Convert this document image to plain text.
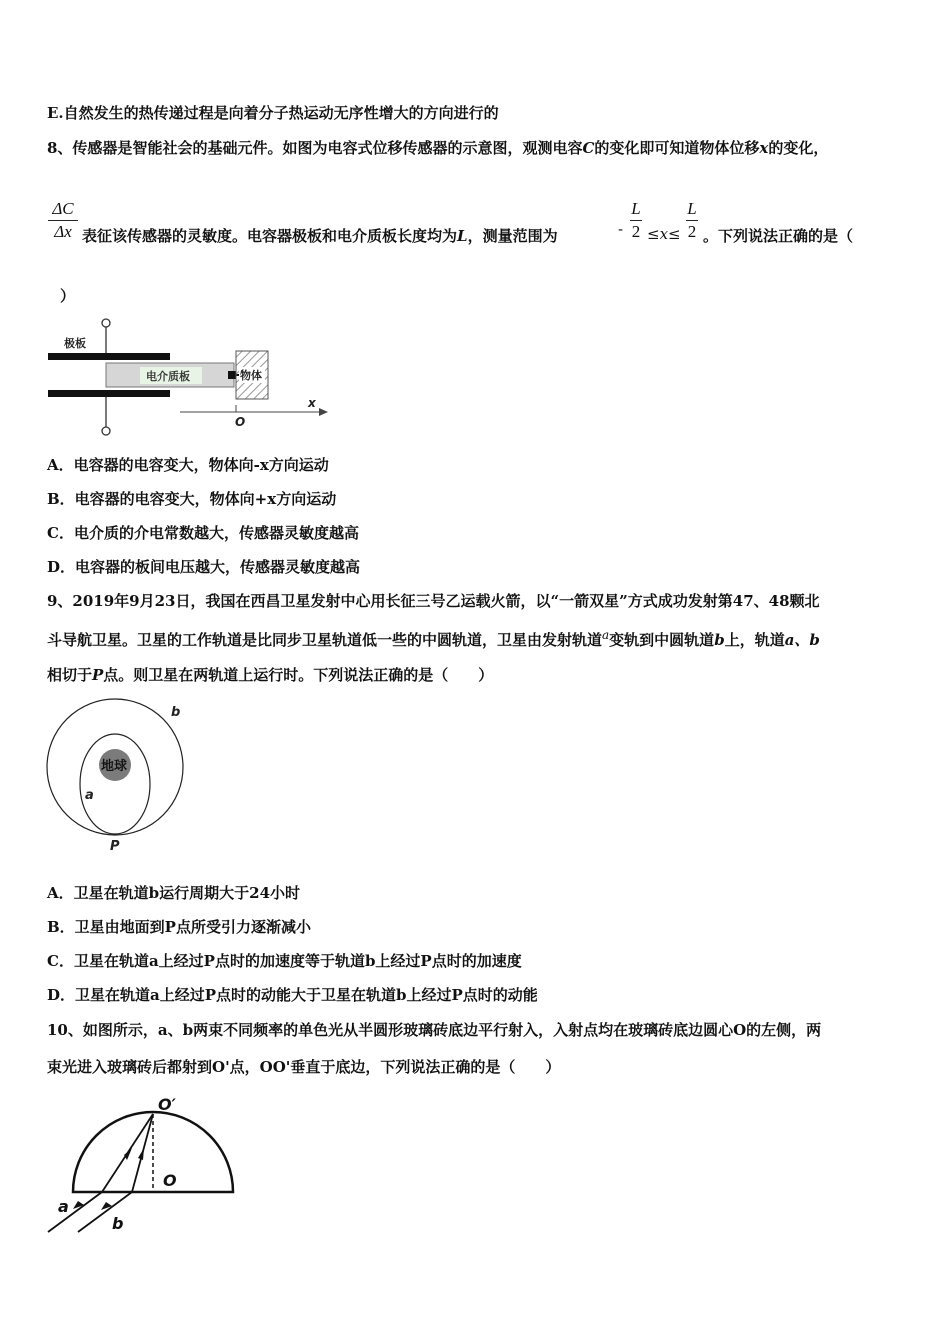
E.自然发生的热传递过程是向着分子热运动无序性增大的方向进行的
8、传感器是智能社会的基础元件。如图为电容式位移传感器的示意图，观测电容C的变化即可知道物体位移x的变化，
ΔC
Δx 表征该传感器的灵敏度。电容器极板和电介质板长度均为L，测量范围为	-
L
2 ≤x≤
L
2 。下列说法正确的是（
）
极板
电介质板	物体
x
O
A．电容器的电容变大，物体向-x方向运动
B．电容器的电容变大，物体向+x方向运动
C．电介质的介电常数越大，传感器灵敏度越高
D．电容器的板间电压越大，传感器灵敏度越高
9、2019年9月23日，我国在西昌卫星发射中心用长征三号乙运载火箭，以“一箭双星”方式成功发射第47、48颗北
斗导航卫星。卫星的工作轨道是比同步卫星轨道低一些的中圆轨道，卫星由发射轨道$^a$变轨到中圆轨道b上，轨道a、b
相切于P点。则卫星在两轨道上运行时。下列说法正确的是（　　）
地球
a
b
P
A．卫星在轨道b运行周期大于24小时
B．卫星由地面到P点所受引力逐渐减小
C．卫星在轨道a上经过P点时的加速度等于轨道b上经过P点时的加速度
D．卫星在轨道a上经过P点时的动能大于卫星在轨道b上经过P点时的动能
10、如图所示，a、b两束不同频率的单色光从半圆形玻璃砖底边平行射入，入射点均在玻璃砖底边圆心O的左侧，两
束光进入玻璃砖后都射到O'点，OO'垂直于底边，下列说法正确的是（　　）
O′
O
a
b
